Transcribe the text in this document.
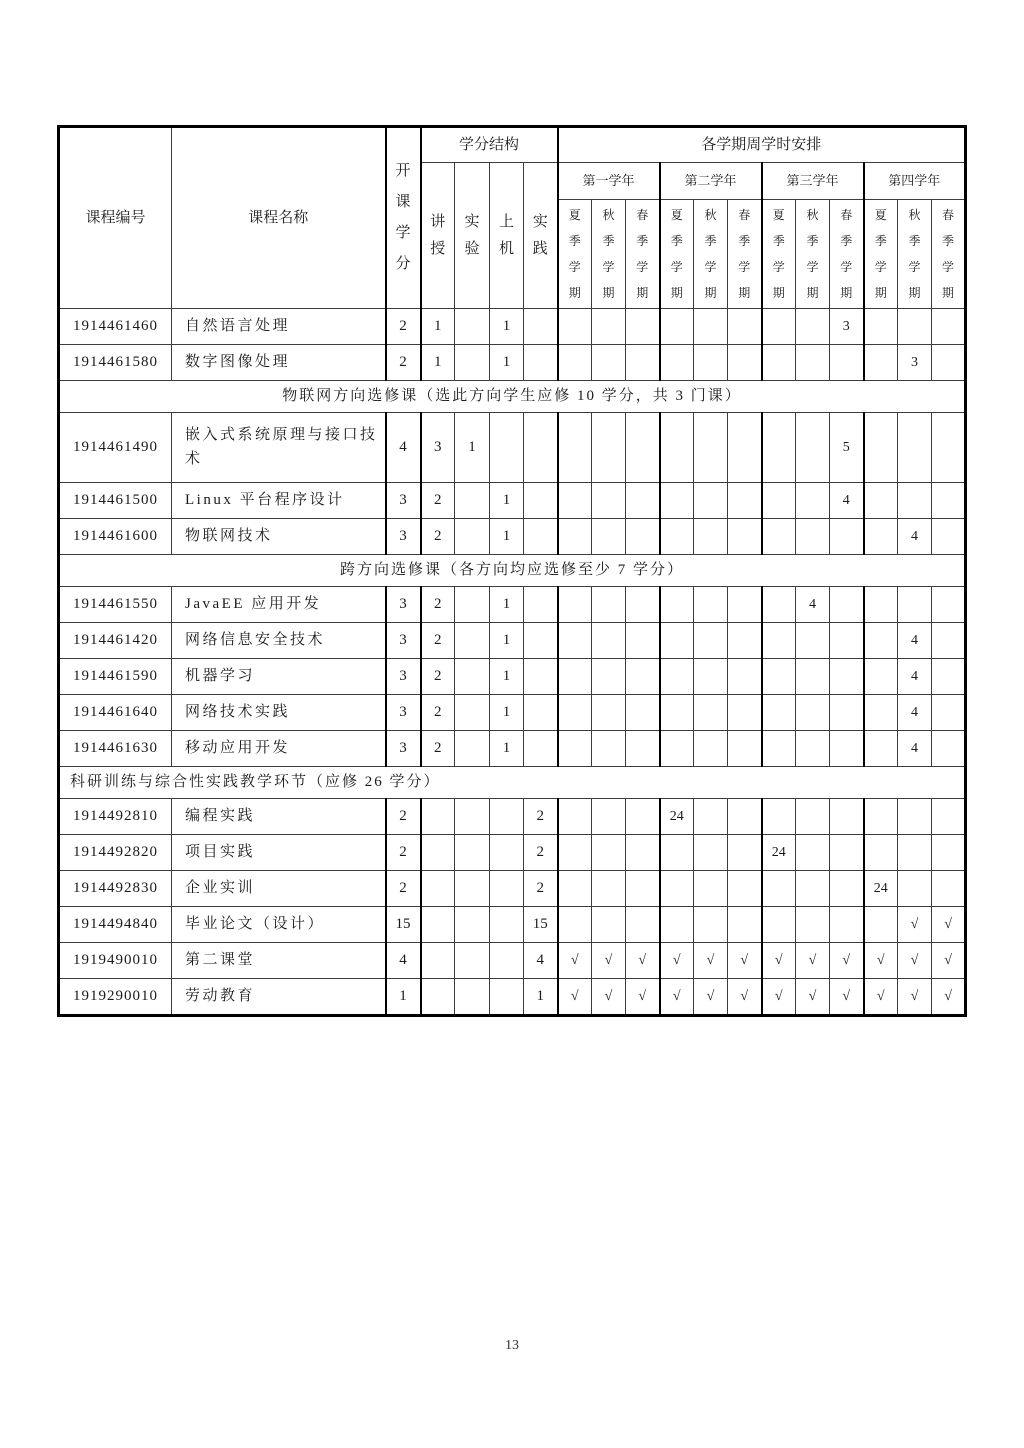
课程编号	课程名称	开课学分	学分结构				各学期周学时安排											

			讲授	实验	上机	实践	第一学年			第二学年			第三学年			第四学年		

							夏季学期	秋季学期	春季学期	夏季学期	秋季学期	春季学期	夏季学期	秋季学期	春季学期	夏季学期	秋季学期	春季学期

1914461460	自然语言处理	2	1		1										3			
1914461580	数字图像处理	2	1		1												3	
物联网方向选修课（选此方向学生应修 10 学分，共 3 门课）																		
1914461490	嵌入式系统原理与接口技术	4	3	1											5			
1914461500	Linux 平台程序设计	3	2		1										4			
1914461600	物联网技术	3	2		1												4	
跨方向选修课（各方向均应选修至少 7 学分）																		
1914461550	JavaEE 应用开发	3	2		1									4				
1914461420	网络信息安全技术	3	2		1												4	
1914461590	机器学习	3	2		1												4	
1914461640	网络技术实践	3	2		1												4	
1914461630	移动应用开发	3	2		1												4	
科研训练与综合性实践教学环节（应修 26 学分）																		
1914492810	编程实践	2				2				24								
1914492820	项目实践	2				2							24					
1914492830	企业实训	2				2										24		
1914494840	毕业论文（设计）	15				15											√	√
1919490010	第二课堂	4				4	√	√	√	√	√	√	√	√	√	√	√	√
1919290010	劳动教育	1				1	√	√	√	√	√	√	√	√	√	√	√	√
13
